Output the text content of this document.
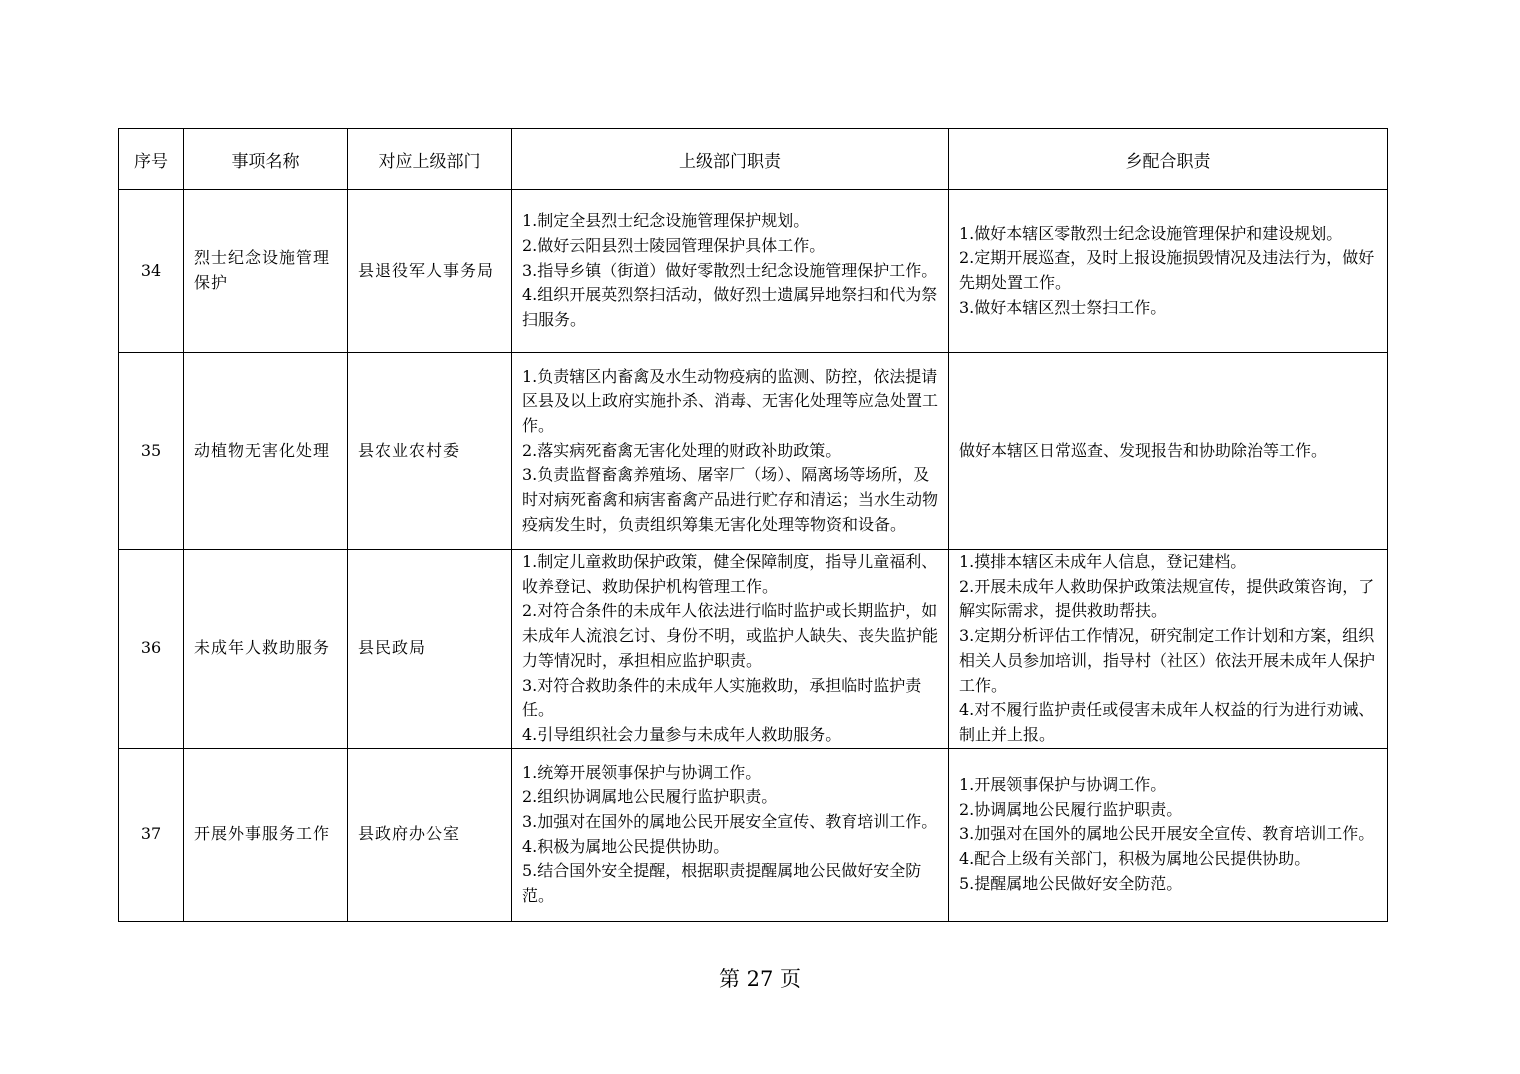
序号	事项名称	对应上级部门	上级部门职责	乡配合职责
34	烈士纪念设施管理保护	县退役军人事务局	1.制定全县烈士纪念设施管理保护规划。
2.做好云阳县烈士陵园管理保护具体工作。
3.指导乡镇（街道）做好零散烈士纪念设施管理保护工作。
4.组织开展英烈祭扫活动，做好烈士遗属异地祭扫和代为祭扫服务。	1.做好本辖区零散烈士纪念设施管理保护和建设规划。
2.定期开展巡查，及时上报设施损毁情况及违法行为，做好先期处置工作。
3.做好本辖区烈士祭扫工作。

35	动植物无害化处理	县农业农村委	1.负责辖区内畜禽及水生动物疫病的监测、防控，依法提请区县及以上政府实施扑杀、消毒、无害化处理等应急处置工作。
2.落实病死畜禽无害化处理的财政补助政策。
3.负责监督畜禽养殖场、屠宰厂（场）、隔离场等场所，及时对病死畜禽和病害畜禽产品进行贮存和清运；当水生动物疫病发生时，负责组织筹集无害化处理等物资和设备。	做好本辖区日常巡查、发现报告和协助除治等工作。

36	未成年人救助服务	县民政局	1.制定儿童救助保护政策，健全保障制度，指导儿童福利、收养登记、救助保护机构管理工作。
2.对符合条件的未成年人依法进行临时监护或长期监护，如未成年人流浪乞讨、身份不明，或监护人缺失、丧失监护能力等情况时，承担相应监护职责。
3.对符合救助条件的未成年人实施救助，承担临时监护责任。
4.引导组织社会力量参与未成年人救助服务。	1.摸排本辖区未成年人信息，登记建档。
2.开展未成年人救助保护政策法规宣传，提供政策咨询，了解实际需求，提供救助帮扶。
3.定期分析评估工作情况，研究制定工作计划和方案，组织相关人员参加培训，指导村（社区）依法开展未成年人保护工作。
4.对不履行监护责任或侵害未成年人权益的行为进行劝诫、制止并上报。

37	开展外事服务工作	县政府办公室	1.统筹开展领事保护与协调工作。
2.组织协调属地公民履行监护职责。
3.加强对在国外的属地公民开展安全宣传、教育培训工作。
4.积极为属地公民提供协助。
5.结合国外安全提醒，根据职责提醒属地公民做好安全防范。	1.开展领事保护与协调工作。
2.协调属地公民履行监护职责。
3.加强对在国外的属地公民开展安全宣传、教育培训工作。
4.配合上级有关部门，积极为属地公民提供协助。
5.提醒属地公民做好安全防范。
第 27 页
